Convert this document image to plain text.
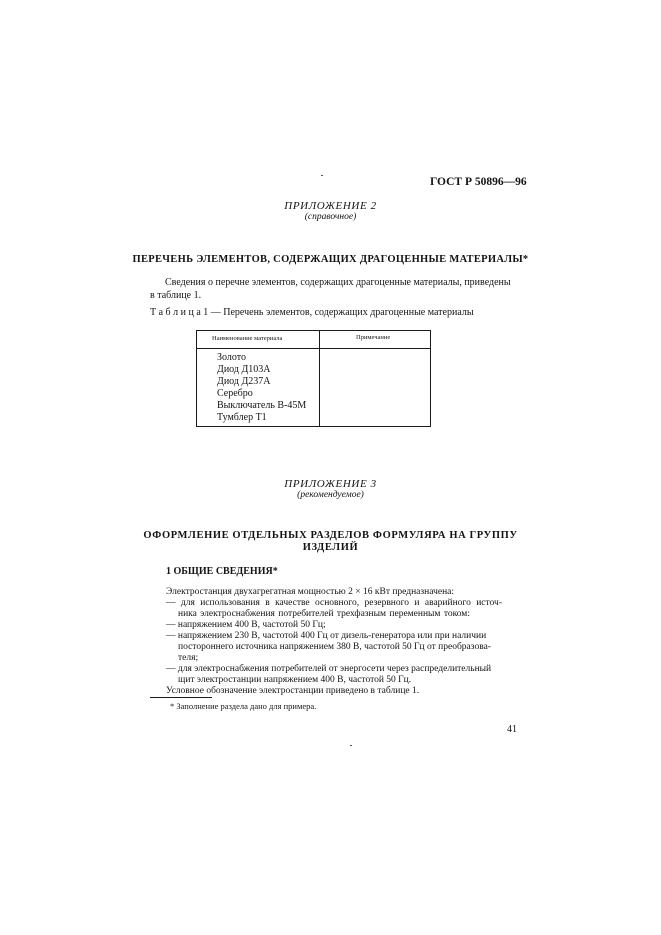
ГОСТ Р 50896—96
ПРИЛОЖЕНИЕ 2
(справочное)
ПЕРЕЧЕНЬ ЭЛЕМЕНТОВ, СОДЕРЖАЩИХ ДРАГОЦЕННЫЕ МАТЕРИАЛЫ*
Сведения о перечне элементов, содержащих драгоценные материалы, приведены
в таблице 1.
Т а б л и ц а 1 — Перечень элементов, содержащих драгоценные материалы
Наименование материала	Примечание
Золото
Диод Д103А
Диод Д237А
Серебро
Выключатель В-45М
Тумблер Т1
ПРИЛОЖЕНИЕ 3
(рекомендуемое)
ОФОРМЛЕНИЕ ОТДЕЛЬНЫХ РАЗДЕЛОВ ФОРМУЛЯРА НА ГРУППУ
ИЗДЕЛИЙ
1 ОБЩИЕ СВЕДЕНИЯ*
Электростанция двухагрегатная мощностью 2 × 16 кВт предназначена:
— для использования в качестве основного, резервного и аварийного источ-
ника электроснабжения потребителей трехфазным переменным током:
— напряжением 400 В, частотой 50 Гц;
— напряжением 230 В, частотой 400 Гц от дизель-генератора или при наличии
постороннего источника напряжением 380 В, частотой 50 Гц от преобразова-
теля;
— для электроснабжения потребителей от энергосети через распределительный
щит электростанции напряжением 400 В, частотой 50 Гц.
Условное обозначение электростанции приведено в таблице 1.
* Заполнение раздела дано для примера.
41
